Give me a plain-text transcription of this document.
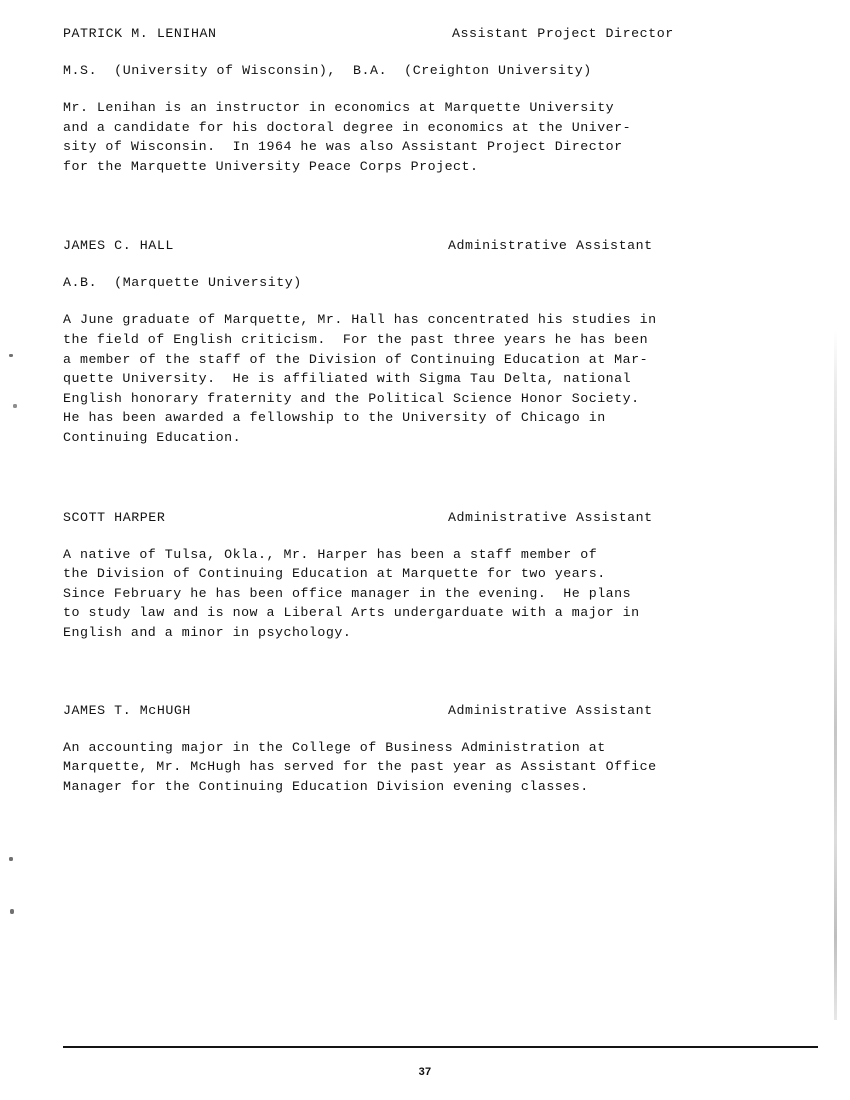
PATRICK M. LENIHAN

	Assistant Project Director

M.S.  (University of Wisconsin),  B.A.  (Creighton University)
Mr. Lenihan is an instructor in economics at Marquette University
and a candidate for his doctoral degree in economics at the Univer-
sity of Wisconsin.  In 1964 he was also Assistant Project Director
for the Marquette University Peace Corps Project.

JAMES C. HALL

	Administrative Assistant

A.B.  (Marquette University)
A June graduate of Marquette, Mr. Hall has concentrated his studies in
the field of English criticism.  For the past three years he has been
a member of the staff of the Division of Continuing Education at Mar-
quette University.  He is affiliated with Sigma Tau Delta, national
English honorary fraternity and the Political Science Honor Society.
He has been awarded a fellowship to the University of Chicago in
Continuing Education.

SCOTT HARPER

	Administrative Assistant

A native of Tulsa, Okla., Mr. Harper has been a staff member of
the Division of Continuing Education at Marquette for two years.
Since February he has been office manager in the evening.  He plans
to study law and is now a Liberal Arts undergarduate with a major in
English and a minor in psychology.

JAMES T. McHUGH

	Administrative Assistant

An accounting major in the College of Business Administration at
Marquette, Mr. McHugh has served for the past year as Assistant Office
Manager for the Continuing Education Division evening classes.
37
